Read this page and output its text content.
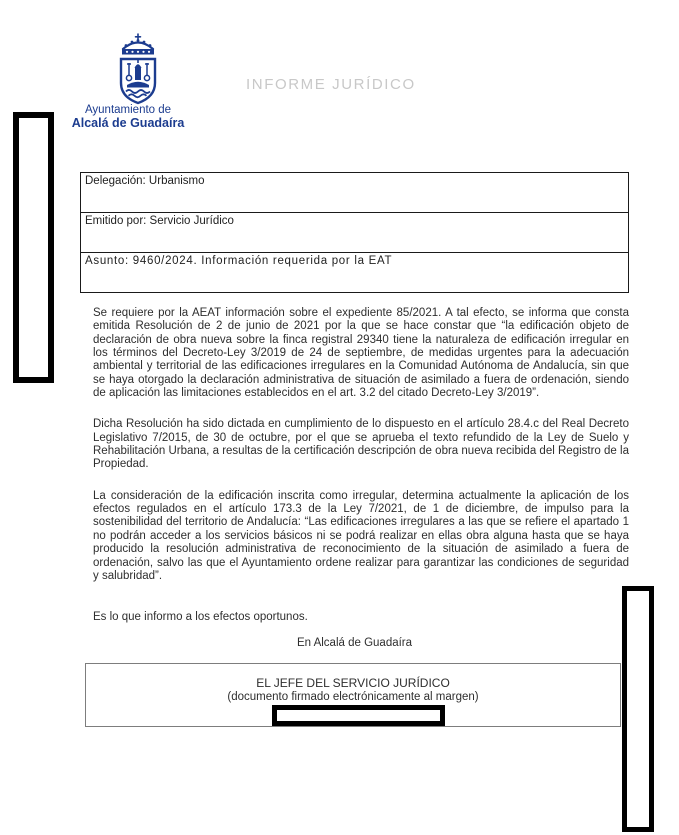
Ayuntamiento de
Alcalá de Guadaíra
INFORME JURÍDICO
Delegación: Urbanismo
Emitido por: Servicio Jurídico
Asunto: 9460/2024. Información requerida por la EAT

Se requiere por la AEAT información sobre el expediente 85/2021. A tal efecto, se informa que consta emitida Resolución de 2 de junio de 2021 por la que se hace constar que “la edificación objeto de declaración de obra nueva sobre la finca registral 29340 tiene la naturaleza de edificación irregular en los términos del Decreto-Ley 3/2019 de 24 de septiembre, de medidas urgentes para la adecuación ambiental y territorial de las edificaciones irregulares en la Comunidad Autónoma de Andalucía, sin que se haya otorgado la declaración administrativa de situación de asimilado a fuera de ordenación, siendo de aplicación las limitaciones establecidos en el art. 3.2 del citado Decreto-Ley 3/2019”.

Dicha Resolución ha sido dictada en cumplimiento de lo dispuesto en el artículo 28.4.c del Real Decreto Legislativo 7/2015, de 30 de octubre, por el que se aprueba el texto refundido de la Ley de Suelo y Rehabilitación Urbana, a resultas de la certificación descripción de obra nueva recibida del Registro de la Propiedad.

La consideración de la edificación inscrita como irregular, determina actualmente la aplicación de los efectos regulados en el artículo 173.3 de la Ley 7/2021, de 1 de diciembre, de impulso para la sostenibilidad del territorio de Andalucía: “Las edificaciones irregulares a las que se refiere el apartado 1 no podrán acceder a los servicios básicos ni se podrá realizar en ellas obra alguna hasta que se haya producido la resolución administrativa de reconocimiento de la situación de asimilado a fuera de ordenación, salvo las que el Ayuntamiento ordene realizar para garantizar las condiciones de seguridad y salubridad”.

Es lo que informo a los efectos oportunos.
En Alcalá de Guadaíra
EL JEFE DEL SERVICIO JURÍDICO
(documento firmado electrónicamente al margen)
